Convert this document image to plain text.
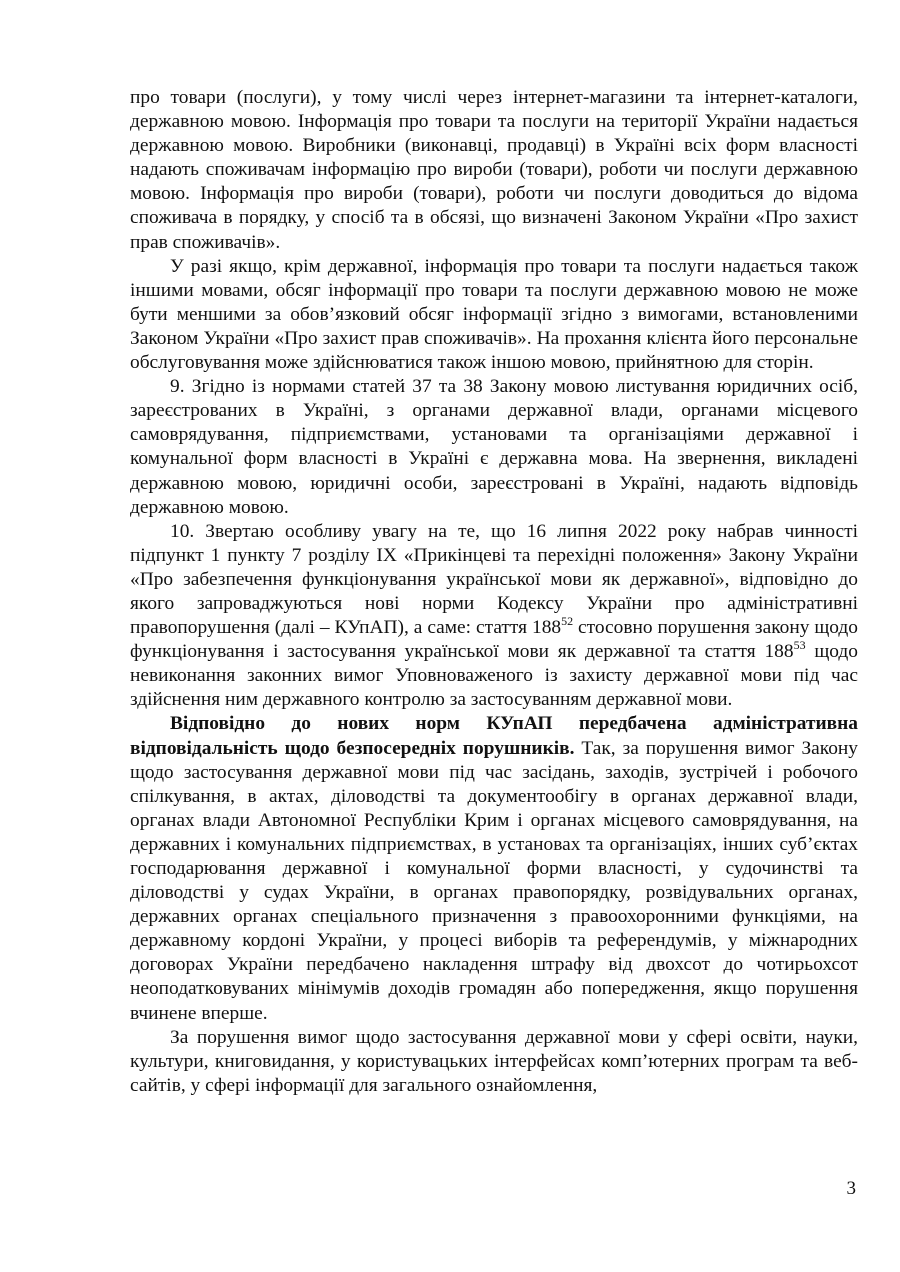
про товари (послуги), у тому числі через інтернет-магазини та інтернет-каталоги, державною мовою. Інформація про товари та послуги на території України надається державною мовою. Виробники (виконавці, продавці) в Україні всіх форм власності надають споживачам інформацію про вироби (товари), роботи чи послуги державною мовою. Інформація про вироби (товари), роботи чи послуги доводиться до відома споживача в порядку, у спосіб та в обсязі, що визначені Законом України «Про захист прав споживачів».

У разі якщо, крім державної, інформація про товари та послуги надається також іншими мовами, обсяг інформації про товари та послуги державною мовою не може бути меншими за обов’язковий обсяг інформації згідно з вимогами, встановленими Законом України «Про захист прав споживачів». На прохання клієнта його персональне обслуговування може здійснюватися також іншою мовою, прийнятною для сторін.

9. Згідно із нормами статей 37 та 38 Закону мовою листування юридичних осіб, зареєстрованих в Україні, з органами державної влади, органами місцевого самоврядування, підприємствами, установами та організаціями державної і комунальної форм власності в Україні є державна мова. На звернення, викладені державною мовою, юридичні особи, зареєстровані в Україні, надають відповідь державною мовою.

10. Звертаю особливу увагу на те, що 16 липня 2022 року набрав чинності підпункт 1 пункту 7 розділу ІХ «Прикінцеві та перехідні положення» Закону України «Про забезпечення функціонування української мови як державної», відповідно до якого запроваджуються нові норми Кодексу України про адміністративні правопорушення (далі – КУпАП), а саме: стаття $188^{52}$ стосовно порушення закону щодо функціонування і застосування української мови як державної та стаття $188^{53}$ щодо невиконання законних вимог Уповноваженого із захисту державної мови під час здійснення ним державного контролю за застосуванням державної мови.

Відповідно до нових норм КУпАП передбачена адміністративна відповідальність щодо безпосередніх порушників. Так, за порушення вимог Закону щодо застосування державної мови під час засідань, заходів, зустрічей і робочого спілкування, в актах, діловодстві та документообігу в органах державної влади, органах влади Автономної Республіки Крим і органах місцевого самоврядування, на державних і комунальних підприємствах, в установах та організаціях, інших суб’єктах господарювання державної і комунальної форми власності, у судочинстві та діловодстві у судах України, в органах правопорядку, розвідувальних органах, державних органах спеціального призначення з правоохоронними функціями, на державному кордоні України, у процесі виборів та референдумів, у міжнародних договорах України передбачено накладення штрафу від двохсот до чотирьохсот неоподатковуваних мінімумів доходів громадян або попередження, якщо порушення вчинене вперше.

За порушення вимог щодо застосування державної мови у сфері освіти, науки, культури, книговидання, у користувацьких інтерфейсах комп’ютерних програм та веб-сайтів, у сфері інформації для загального ознайомлення,

3
